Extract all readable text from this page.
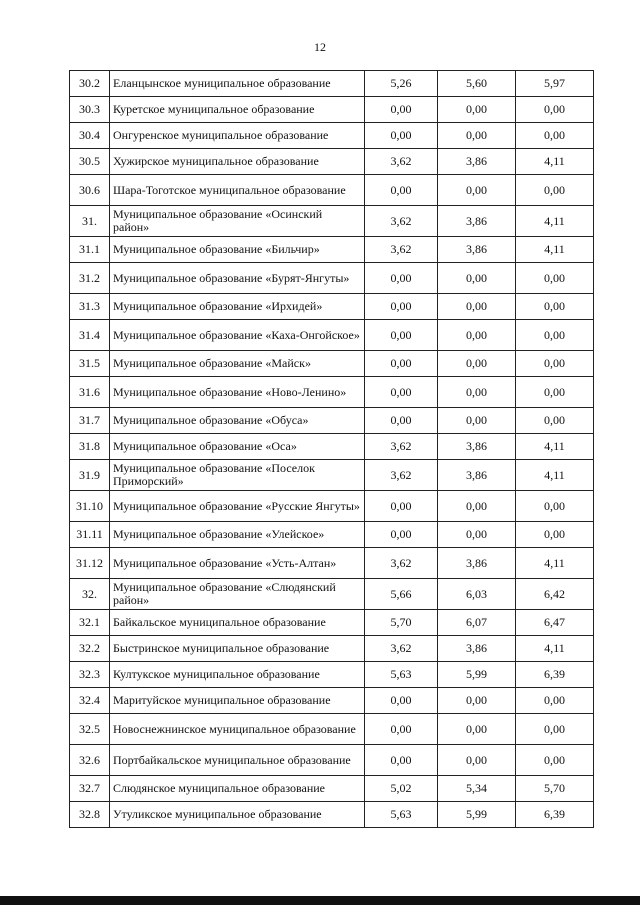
12
30.2	Еланцынское муниципальное образование	5,26	5,60	5,97
30.3	Куретское муниципальное образование	0,00	0,00	0,00
30.4	Онгуренское муниципальное образование	0,00	0,00	0,00
30.5	Хужирское муниципальное образование	3,62	3,86	4,11
30.6	Шара-Тоготское муниципальное образование	0,00	0,00	0,00
31.	Муниципальное образование «Осинский район»	3,62	3,86	4,11
31.1	Муниципальное образование «Бильчир»	3,62	3,86	4,11
31.2	Муниципальное образование «Бурят-Янгуты»	0,00	0,00	0,00
31.3	Муниципальное образование «Ирхидей»	0,00	0,00	0,00
31.4	Муниципальное образование «Каха-Онгойское»	0,00	0,00	0,00
31.5	Муниципальное образование «Майск»	0,00	0,00	0,00
31.6	Муниципальное образование «Ново-Ленино»	0,00	0,00	0,00
31.7	Муниципальное образование «Обуса»	0,00	0,00	0,00
31.8	Муниципальное образование «Оса»	3,62	3,86	4,11
31.9	Муниципальное образование «Поселок Приморский»	3,62	3,86	4,11
31.10	Муниципальное образование «Русские Янгуты»	0,00	0,00	0,00
31.11	Муниципальное образование «Улейское»	0,00	0,00	0,00
31.12	Муниципальное образование «Усть-Алтан»	3,62	3,86	4,11
32.	Муниципальное образование «Слюдянский район»	5,66	6,03	6,42
32.1	Байкальское муниципальное образование	5,70	6,07	6,47
32.2	Быстринское муниципальное образование	3,62	3,86	4,11
32.3	Култукское муниципальное образование	5,63	5,99	6,39
32.4	Маритуйское муниципальное образование	0,00	0,00	0,00
32.5	Новоснежнинское муниципальное образование	0,00	0,00	0,00
32.6	Портбайкальское муниципальное образование	0,00	0,00	0,00
32.7	Слюдянское муниципальное образование	5,02	5,34	5,70
32.8	Утуликское муниципальное образование	5,63	5,99	6,39
